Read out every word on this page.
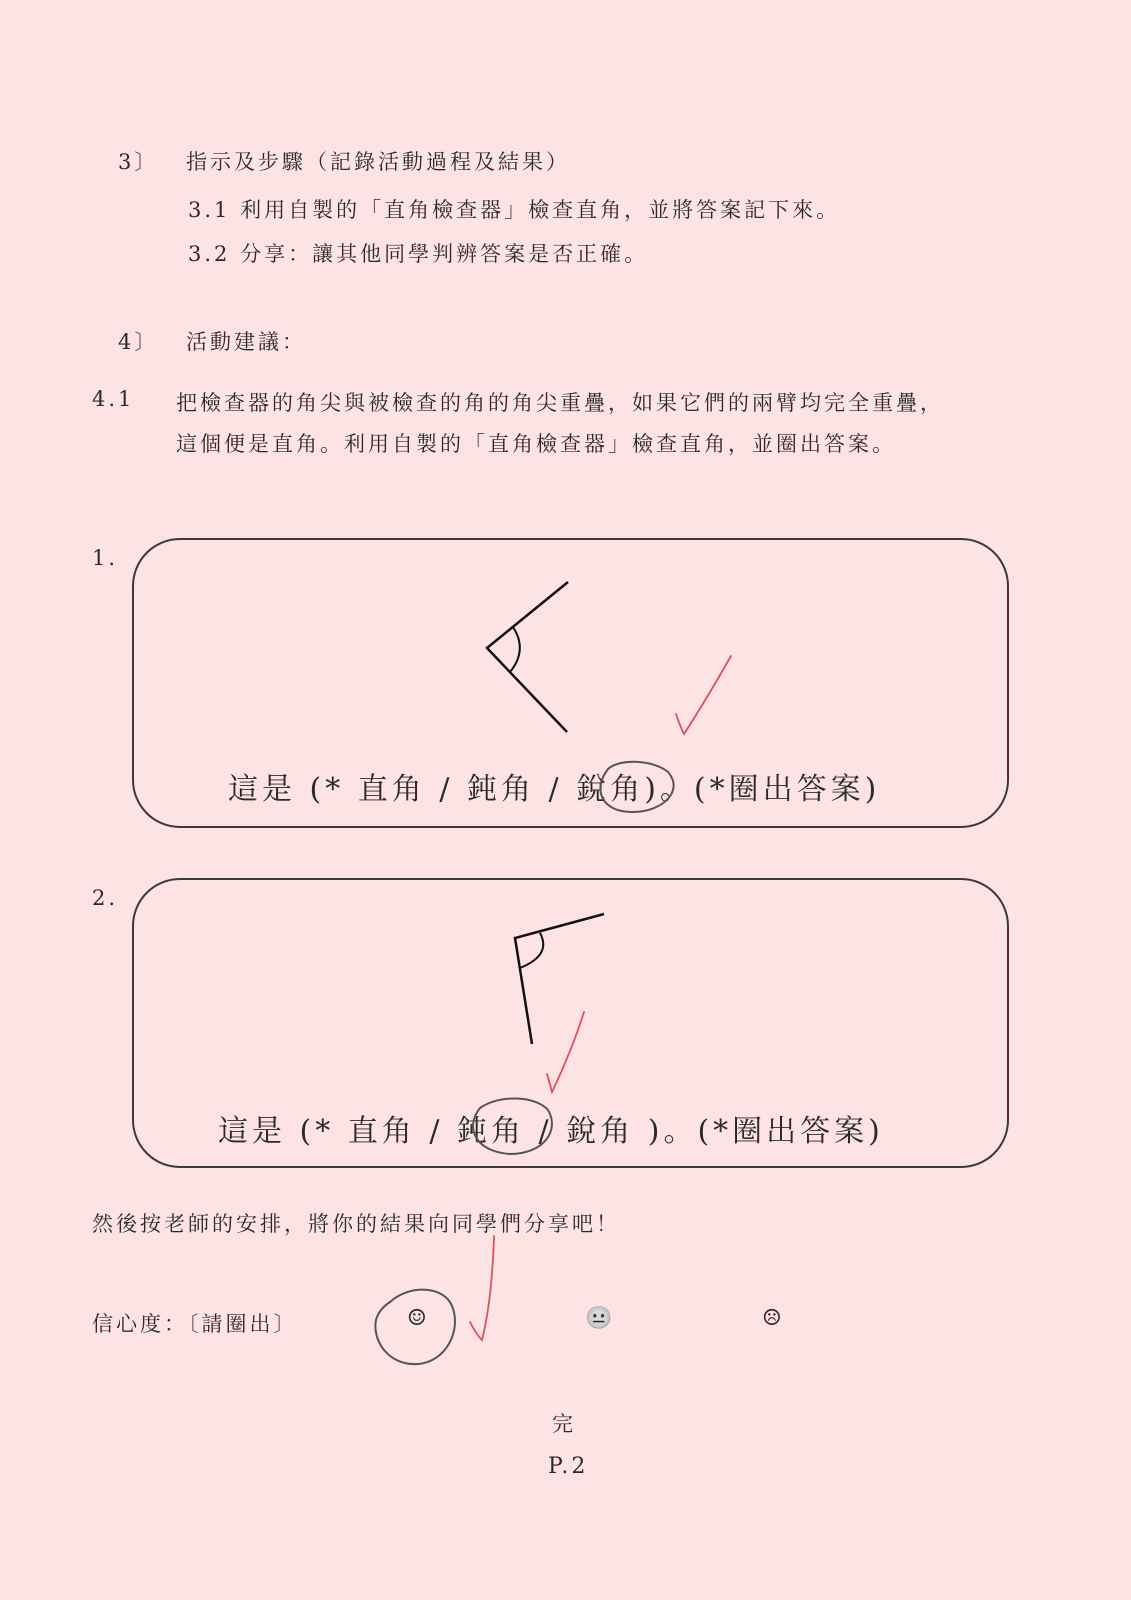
3〕 指示及步驟（記錄活動過程及結果）
3.1 利用自製的「直角檢查器」檢查直角，並將答案記下來。
3.2 分享：讓其他同學判辨答案是否正確。
4〕 活動建議：
4.1 把檢查器的角尖與被檢查的角的角尖重疊，如果它們的兩臂均完全重疊，
這個便是直角。利用自製的「直角檢查器」檢查直角，並圈出答案。
1.
這是 (* 直角 / 鈍角 / 銳角)。(*圈出答案)
2.
這是 (* 直角 / 鈍角 / 銳角 )。(*圈出答案)
然後按老師的安排，將你的結果向同學們分享吧！
信心度：〔請圈出〕	☺	😐	☹
完
P.2
